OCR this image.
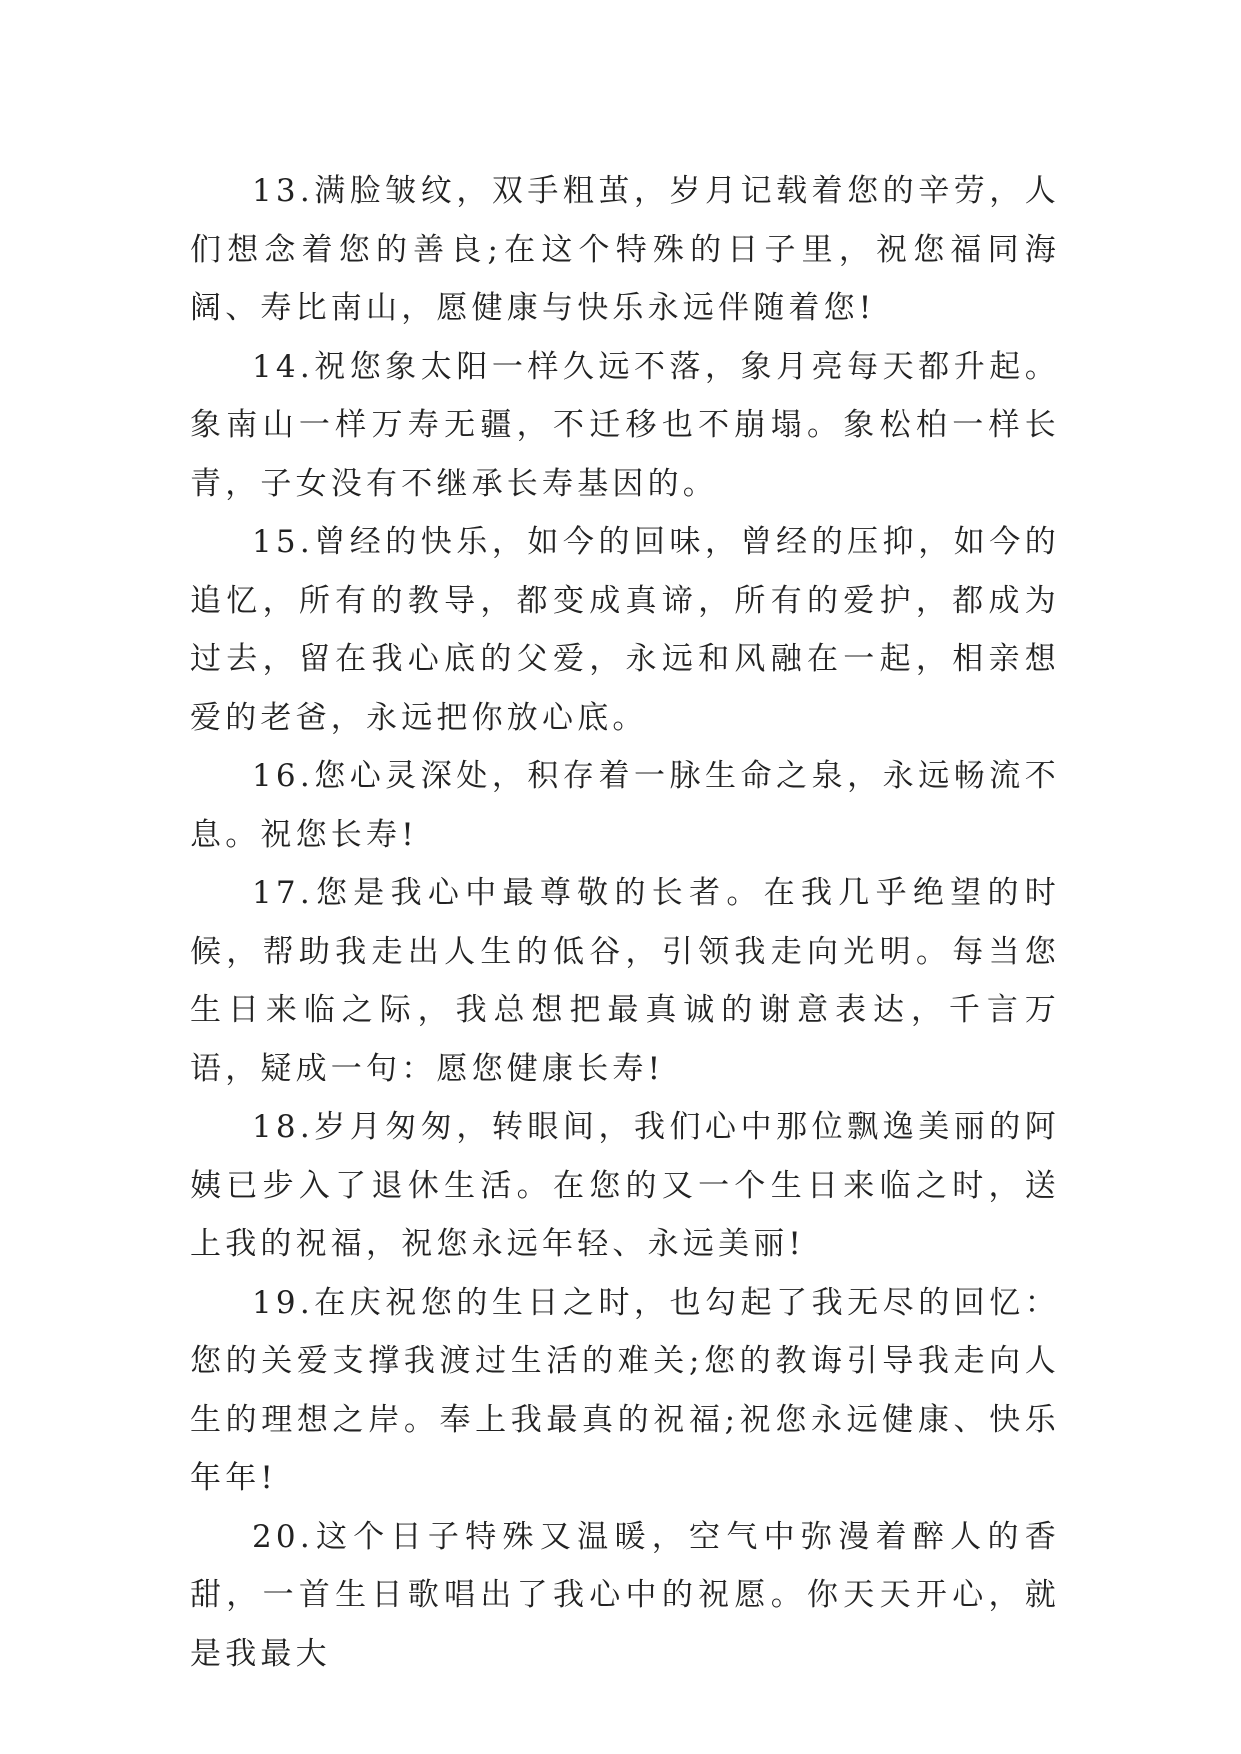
13.满脸皱纹，双手粗茧，岁月记载着您的辛劳，人们想念着您的善良;在这个特殊的日子里，祝您福同海阔、寿比南山，愿健康与快乐永远伴随着您!

14.祝您象太阳一样久远不落，象月亮每天都升起。象南山一样万寿无疆，不迁移也不崩塌。象松柏一样长青，子女没有不继承长寿基因的。

15.曾经的快乐，如今的回味，曾经的压抑，如今的追忆，所有的教导，都变成真谛，所有的爱护，都成为过去，留在我心底的父爱，永远和风融在一起，相亲想爱的老爸，永远把你放心底。

16.您心灵深处，积存着一脉生命之泉，永远畅流不息。祝您长寿!

17.您是我心中最尊敬的长者。在我几乎绝望的时候，帮助我走出人生的低谷，引领我走向光明。每当您生日来临之际，我总想把最真诚的谢意表达，千言万语，疑成一句：愿您健康长寿!

18.岁月匆匆，转眼间，我们心中那位飘逸美丽的阿姨已步入了退休生活。在您的又一个生日来临之时，送上我的祝福，祝您永远年轻、永远美丽!

19.在庆祝您的生日之时，也勾起了我无尽的回忆：您的关爱支撑我渡过生活的难关;您的教诲引导我走向人生的理想之岸。奉上我最真的祝福;祝您永远健康、快乐年年!

20.这个日子特殊又温暖，空气中弥漫着醉人的香甜，一首生日歌唱出了我心中的祝愿。你天天开心，就是我最大
